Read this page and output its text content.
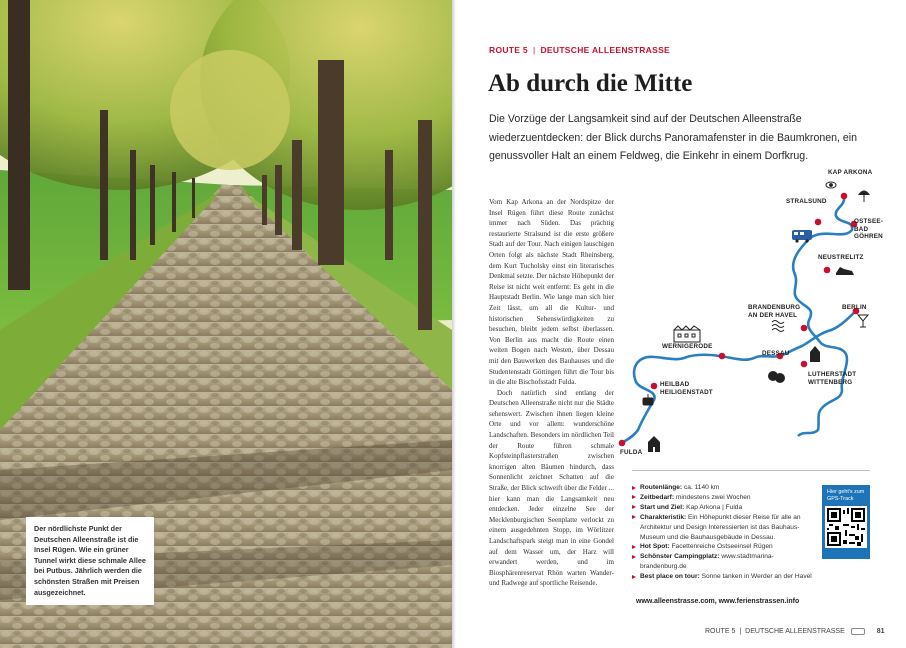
Der nördlichste Punkt der Deutschen Alleenstraße ist die Insel Rügen. Wie ein grüner Tunnel wirkt diese schmale Allee bei Putbus. Jährlich werden die schönsten Straßen mit Preisen ausgezeichnet.
ROUTE 5 | DEUTSCHE ALLEENSTRASSE
Ab durch die Mitte

Die Vorzüge der Langsamkeit sind auf der Deutschen Alleenstraße wiederzuentdecken: der Blick durchs Panoramafenster in die Baumkronen, ein genussvoller Halt an einem Feldweg, die Einkehr in einem Dorfkrug.

Vom Kap Arkona an der Nordspitze der Insel Rügen führt diese Route zunächst immer nach Süden. Das prächtig restaurierte Stralsund ist die erste größere Stadt auf der Tour. Nach einigen lauschigen Orten folgt als nächste Stadt Rheinsberg, dem Kurt Tucholsky einst ein literarisches Denkmal setzte. Der nächste Höhepunkt der Reise ist nicht weit entfernt: Es geht in die Hauptstadt Berlin. Wie lange man sich hier Zeit lässt, um all die Kultur- und historischen Sehenswürdigkeiten zu besuchen, bleibt jedem selbst überlassen. Von Berlin aus macht die Route einen weiten Bogen nach Westen, über Dessau mit den Bauwerken des Bauhauses und die Studentenstadt Göttingen führt die Tour bis in die alte Bischofsstadt Fulda.

Doch natürlich sind entlang der Deutschen Alleenstraße nicht nur die Städte sehenswert. Zwischen ihnen liegen kleine Orte und vor allem: wunderschöne Landschaften. Besonders im nördlichen Teil der Route führen schmale Kopfsteinpflasterstraßen zwischen knorrigen alten Bäumen hindurch, dass Sonnenlicht zeichnet Schatten auf die Straße, der Blick schweift über die Felder ... hier kann man die Langsamkeit neu entdecken. Jeder einzelne See der Mecklenburgischen Seenplatte verlockt zu einem ausgedehnten Stopp, im Wörlitzer Landschaftspark steigt man in eine Gondel auf dem Wasser um, der Harz will erwandert werden, und im Biosphärenreservat Rhön warten Wander- und Radwege auf sportliche Reisende.

KAP ARKONA
STRALSUND
OSTSEE-
BAD
GÖHREN
NEUSTRELITZ
BRANDENBURG
AN DER HAVEL
BERLIN
WERNIGERODE
DESSAU
LUTHERSTADT
WITTENBERG
HEILBAD
HEILIGENSTADT
FULDA
Routenlänge: ca. 1140 km
Zeitbedarf: mindestens zwei Wochen
Start und Ziel: Kap Arkona | Fulda
Charakteristik: Ein Höhepunkt dieser Reise für alle an Architektur und Design Interessierten ist das Bauhaus-Museum und die Bauhausgebäude in Dessau.
Hot Spot: Facettenreiche Ostseeinsel Rügen
Schönster Campingplatz: www.stadtmarina-brandenburg.de
Best place on tour: Sonne tanken in Werder an der Havel
Hier geht's zum GPS-Track
www.alleenstrasse.com, www.ferienstrassen.info
ROUTE 5 | DEUTSCHE ALLEENSTRASSE	81
